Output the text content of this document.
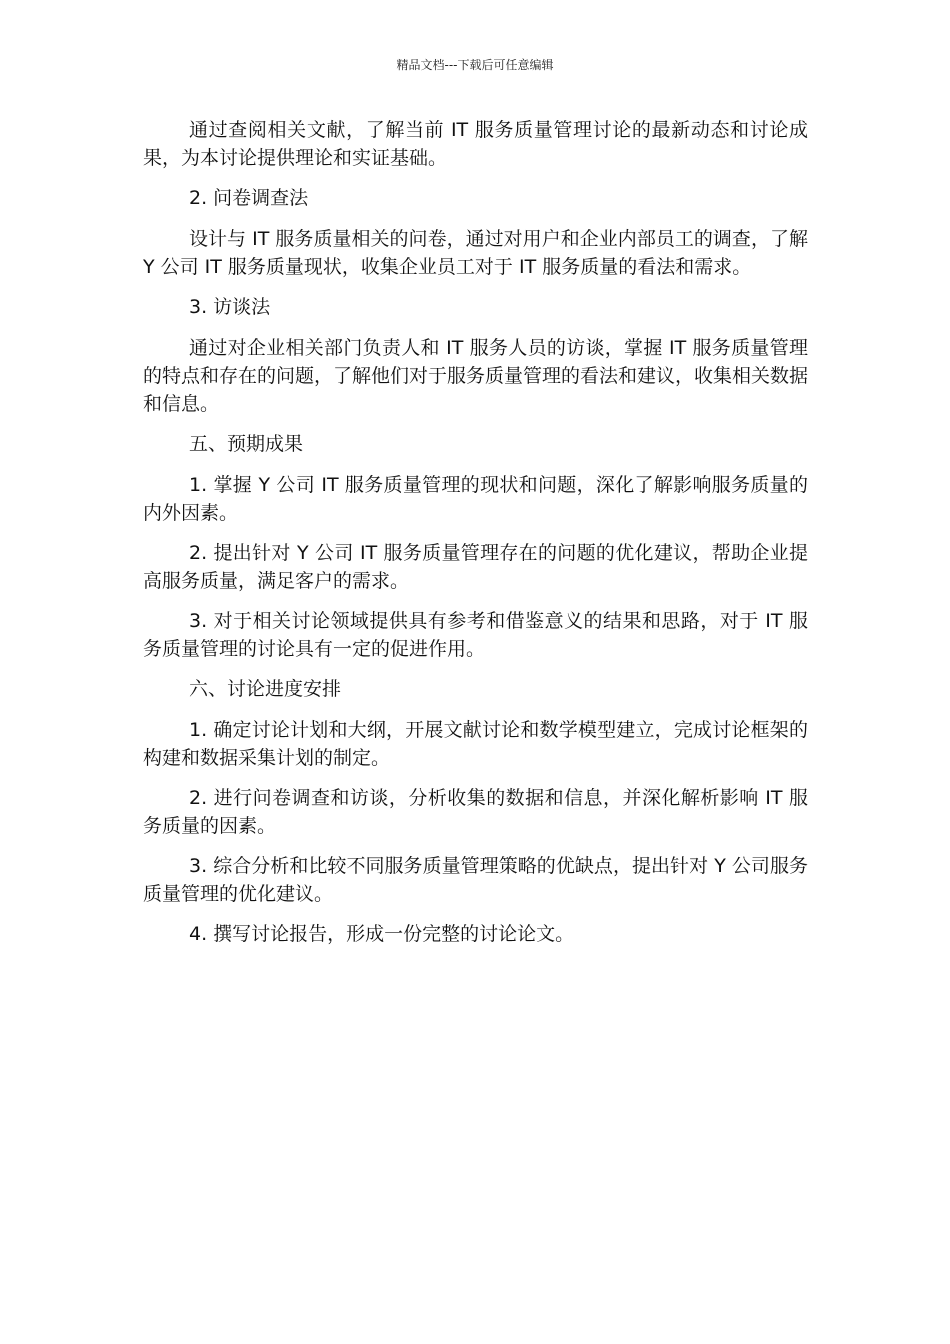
精品文档---下载后可任意编辑

通过查阅相关文献，了解当前 IT 服务质量管理讨论的最新动态和讨论成果，为本讨论提供理论和实证基础。

2. 问卷调查法

设计与 IT 服务质量相关的问卷，通过对用户和企业内部员工的调查，了解 Y 公司 IT 服务质量现状，收集企业员工对于 IT 服务质量的看法和需求。

3. 访谈法

通过对企业相关部门负责人和 IT 服务人员的访谈，掌握 IT 服务质量管理的特点和存在的问题，了解他们对于服务质量管理的看法和建议，收集相关数据和信息。

五、预期成果

1. 掌握 Y 公司 IT 服务质量管理的现状和问题，深化了解影响服务质量的内外因素。

2. 提出针对 Y 公司 IT 服务质量管理存在的问题的优化建议，帮助企业提高服务质量，满足客户的需求。

3. 对于相关讨论领域提供具有参考和借鉴意义的结果和思路，对于 IT 服务质量管理的讨论具有一定的促进作用。

六、讨论进度安排

1. 确定讨论计划和大纲，开展文献讨论和数学模型建立，完成讨论框架的构建和数据采集计划的制定。

2. 进行问卷调查和访谈，分析收集的数据和信息，并深化解析影响 IT 服务质量的因素。

3. 综合分析和比较不同服务质量管理策略的优缺点，提出针对 Y 公司服务质量管理的优化建议。

4. 撰写讨论报告，形成一份完整的讨论论文。
